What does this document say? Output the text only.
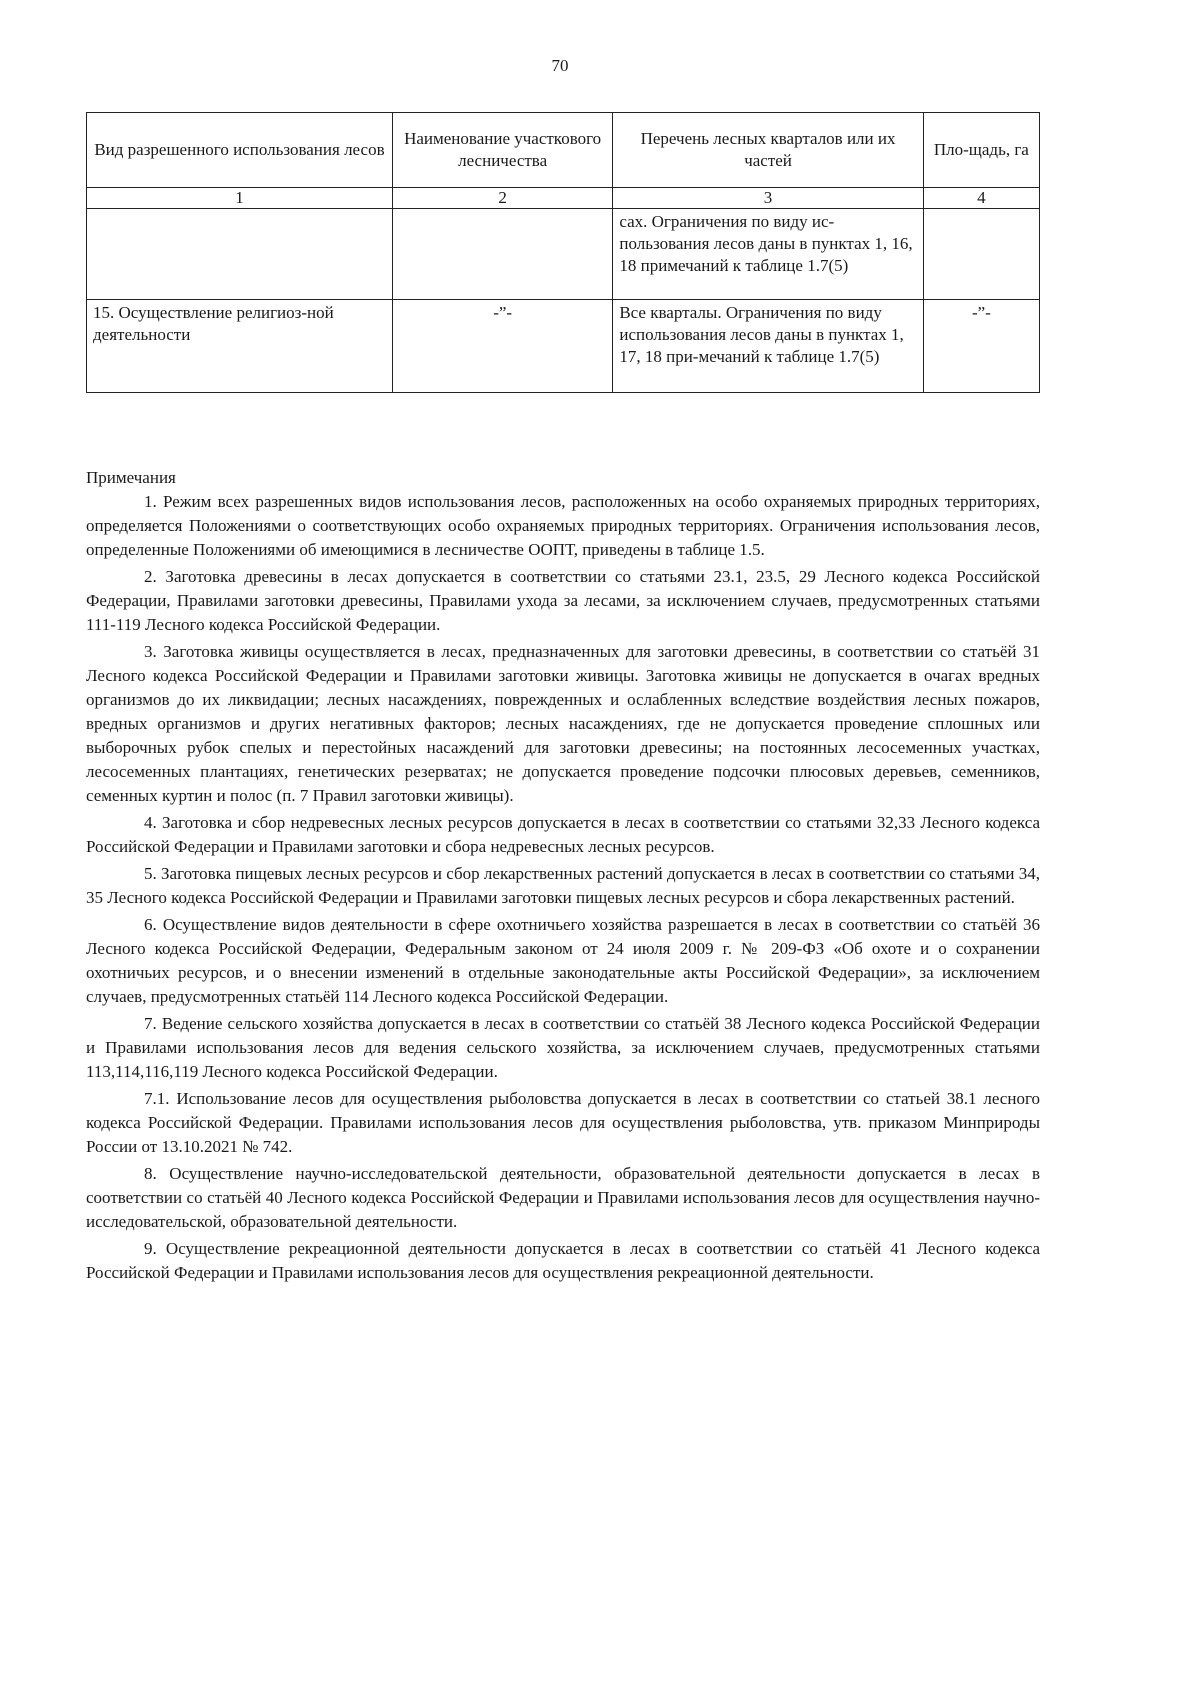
70
Вид разрешенного использования лесов	Наименование участкового лесничества	Перечень лесных кварталов или их частей	Пло-щадь, га
1	2	3	4
		сах. Ограничения по виду ис-пользования лесов даны в пунктах 1, 16, 18 примечаний к таблице 1.7(5)	
15. Осуществление религиоз-ной деятельности	-”-	Все кварталы. Ограничения по виду использования лесов даны в пунктах 1, 17, 18 при-мечаний к таблице 1.7(5)	-”-
Примечания

1. Режим всех разрешенных видов использования лесов, расположенных на особо охраняемых природных территориях, определяется Положениями о соответствующих особо охраняемых природных территориях. Ограничения использования лесов, определенные Положениями об имеющимися в лесничестве ООПТ, приведены в таблице 1.5.

2. Заготовка древесины в лесах допускается в соответствии со статьями 23.1, 23.5, 29 Лесного кодекса Российской Федерации, Правилами заготовки древесины, Правилами ухода за лесами, за исключением случаев, предусмотренных статьями 111-119 Лесного кодекса Российской Федерации.

3. Заготовка живицы осуществляется в лесах, предназначенных для заготовки древесины, в соответствии со статьёй 31 Лесного кодекса Российской Федерации и Правилами заготовки живицы. Заготовка живицы не допускается в очагах вредных организмов до их ликвидации; лесных насаждениях, поврежденных и ослабленных вследствие воздействия лесных пожаров, вредных организмов и других негативных факторов; лесных насаждениях, где не допускается проведение сплошных или выборочных рубок спелых и перестойных насаждений для заготовки древесины; на постоянных лесосеменных участках, лесосеменных плантациях, генетических резерватах; не допускается проведение подсочки плюсовых деревьев, семенников, семенных куртин и полос (п. 7 Правил заготовки живицы).

4. Заготовка и сбор недревесных лесных ресурсов допускается в лесах в соответствии со статьями 32,33 Лесного кодекса Российской Федерации и Правилами заготовки и сбора недревесных лесных ресурсов.

5. Заготовка пищевых лесных ресурсов и сбор лекарственных растений допускается в лесах в соответствии со статьями 34, 35 Лесного кодекса Российской Федерации и Правилами заготовки пищевых лесных ресурсов и сбора лекарственных растений.

6. Осуществление видов деятельности в сфере охотничьего хозяйства разрешается в лесах в соответствии со статьёй 36 Лесного кодекса Российской Федерации, Федеральным законом от 24 июля 2009 г. № 209-ФЗ «Об охоте и о сохранении охотничьих ресурсов, и о внесении изменений в отдельные законодательные акты Российской Федерации», за исключением случаев, предусмотренных статьёй 114 Лесного кодекса Российской Федерации.

7. Ведение сельского хозяйства допускается в лесах в соответствии со статьёй 38 Лесного кодекса Российской Федерации и Правилами использования лесов для ведения сельского хозяйства, за исключением случаев, предусмотренных статьями 113,114,116,119 Лесного кодекса Российской Федерации.

7.1. Использование лесов для осуществления рыболовства допускается в лесах в соответствии со статьей 38.1 лесного кодекса Российской Федерации. Правилами использования лесов для осуществления рыболовства, утв. приказом Минприроды России от 13.10.2021 № 742.

8. Осуществление научно-исследовательской деятельности, образовательной деятельности допускается в лесах в соответствии со статьёй 40 Лесного кодекса Российской Федерации и Правилами использования лесов для осуществления научно-исследовательской, образовательной деятельности.

9. Осуществление рекреационной деятельности допускается в лесах в соответствии со статьёй 41 Лесного кодекса Российской Федерации и Правилами использования лесов для осуществления рекреационной деятельности.
